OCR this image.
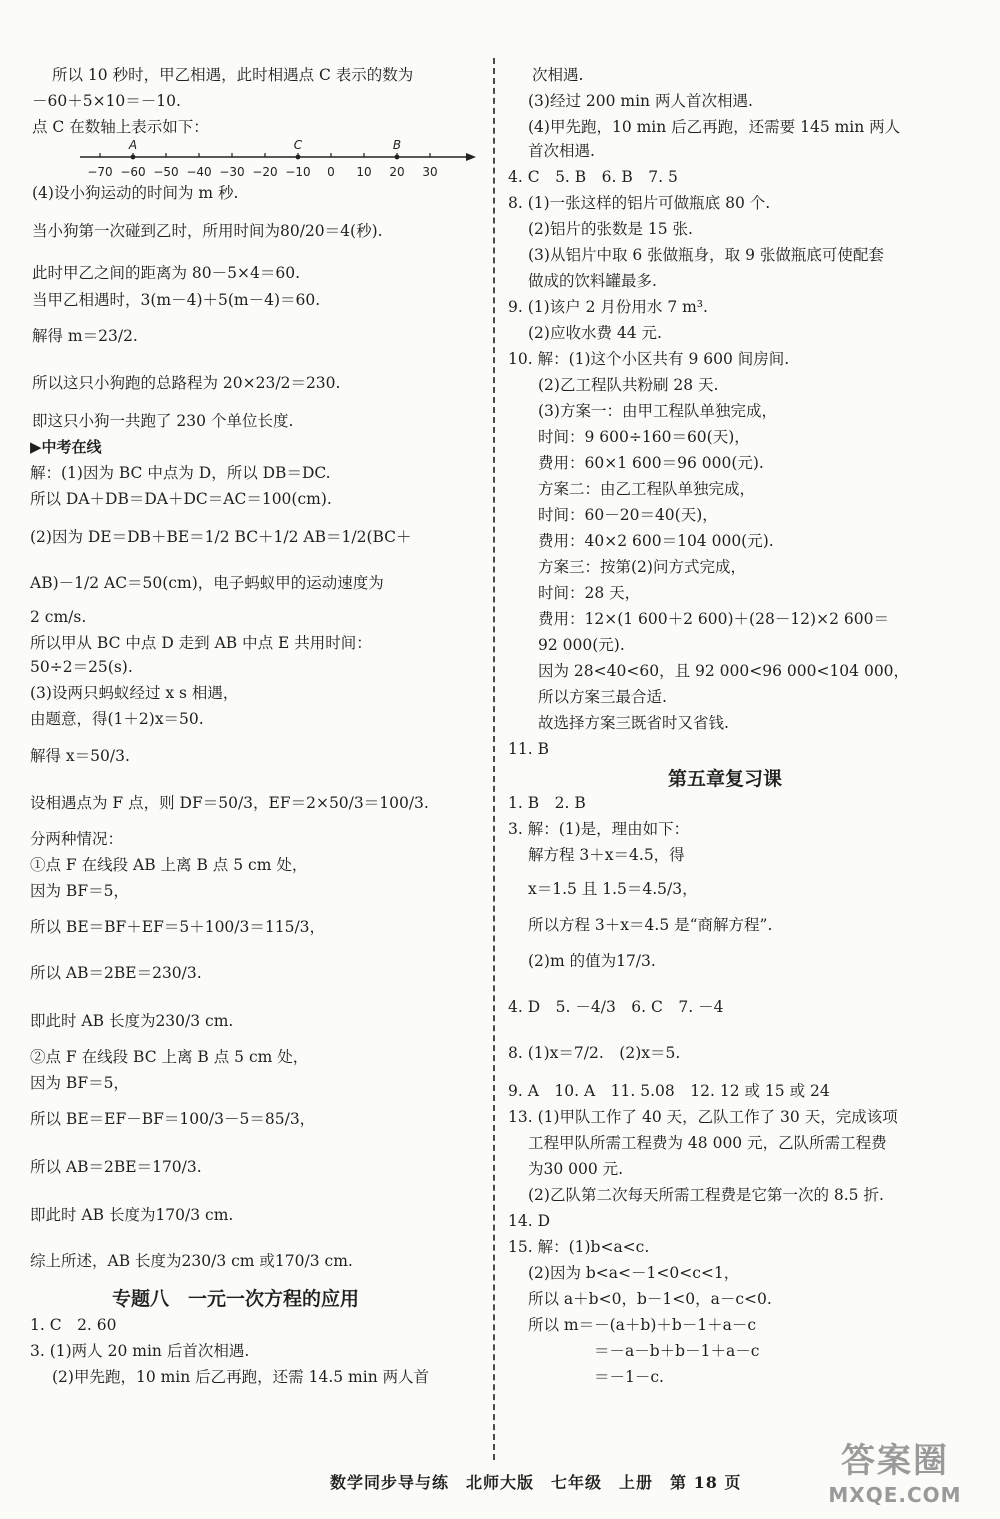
所以 10 秒时，甲乙相遇，此时相遇点 C 表示的数为
－60＋5×10＝－10.
点 C 在数轴上表示如下：
−70 −60 −50 −40 −30 −20 −10 0 10 20 30
A	C	B
(4)设小狗运动的时间为 m 秒.
当小狗第一次碰到乙时，所用时间为80/20＝4(秒).
此时甲乙之间的距离为 80－5×4＝60.
当甲乙相遇时，3(m－4)＋5(m－4)＝60.
解得 m＝23/2.
所以这只小狗跑的总路程为 20×23/2＝230.
即这只小狗一共跑了 230 个单位长度.
▶中考在线
解：(1)因为 BC 中点为 D，所以 DB＝DC.
所以 DA＋DB＝DA＋DC＝AC＝100(cm).
(2)因为 DE＝DB＋BE＝1/2 BC＋1/2 AB＝1/2(BC＋
AB)－1/2 AC＝50(cm)，电子蚂蚁甲的运动速度为
2 cm/s.
所以甲从 BC 中点 D 走到 AB 中点 E 共用时间：
50÷2＝25(s).
(3)设两只蚂蚁经过 x s 相遇，
由题意，得(1＋2)x＝50.
解得 x＝50/3.
设相遇点为 F 点，则 DF＝50/3，EF＝2×50/3＝100/3.
分两种情况：
①点 F 在线段 AB 上离 B 点 5 cm 处，
因为 BF＝5，
所以 BE＝BF＋EF＝5＋100/3＝115/3，
所以 AB＝2BE＝230/3.
即此时 AB 长度为230/3 cm.
②点 F 在线段 BC 上离 B 点 5 cm 处，
因为 BF＝5，
所以 BE＝EF－BF＝100/3－5＝85/3，
所以 AB＝2BE＝170/3.
即此时 AB 长度为170/3 cm.
综上所述，AB 长度为230/3 cm 或170/3 cm.
专题八　一元一次方程的应用
1. C　2. 60
3. (1)两人 20 min 后首次相遇.
(2)甲先跑，10 min 后乙再跑，还需 14.5 min 两人首
次相遇.
(3)经过 200 min 两人首次相遇.
(4)甲先跑，10 min 后乙再跑，还需要 145 min 两人
首次相遇.
4. C　5. B　6. B　7. 5
8. (1)一张这样的铝片可做瓶底 80 个.
(2)铝片的张数是 15 张.
(3)从铝片中取 6 张做瓶身，取 9 张做瓶底可使配套
做成的饮料罐最多.
9. (1)该户 2 月份用水 7 m³.
(2)应收水费 44 元.
10. 解：(1)这个小区共有 9 600 间房间.
(2)乙工程队共粉刷 28 天.
(3)方案一：由甲工程队单独完成，
时间：9 600÷160＝60(天)，
费用：60×1 600＝96 000(元).
方案二：由乙工程队单独完成，
时间：60－20＝40(天)，
费用：40×2 600＝104 000(元).
方案三：按第(2)问方式完成，
时间：28 天，
费用：12×(1 600＋2 600)＋(28－12)×2 600＝
92 000(元).
因为 28<40<60，且 92 000<96 000<104 000，
所以方案三最合适.
故选择方案三既省时又省钱.
11. B
第五章复习课
1. B　2. B
3. 解：(1)是，理由如下：
解方程 3＋x＝4.5，得
x＝1.5 且 1.5＝4.5/3，
所以方程 3＋x＝4.5 是“商解方程”.
(2)m 的值为17/3.
4. D　5. －4/3　6. C　7. －4
8. (1)x＝7/2.　(2)x＝5.
9. A　10. A　11. 5.08　12. 12 或 15 或 24
13. (1)甲队工作了 40 天，乙队工作了 30 天，完成该项
工程甲队所需工程费为 48 000 元，乙队所需工程费
为30 000 元.
(2)乙队第二次每天所需工程费是它第一次的 8.5 折.
14. D
15. 解：(1)b<a<c.
(2)因为 b<a<－1<0<c<1，
所以 a＋b<0，b－1<0，a－c<0.
所以 m＝－(a＋b)＋b－1＋a－c
＝－a－b＋b－1＋a－c
＝－1－c.
数学同步导与练　北师大版　七年级　上册　第 18 页
答案圈
MXQE.COM
